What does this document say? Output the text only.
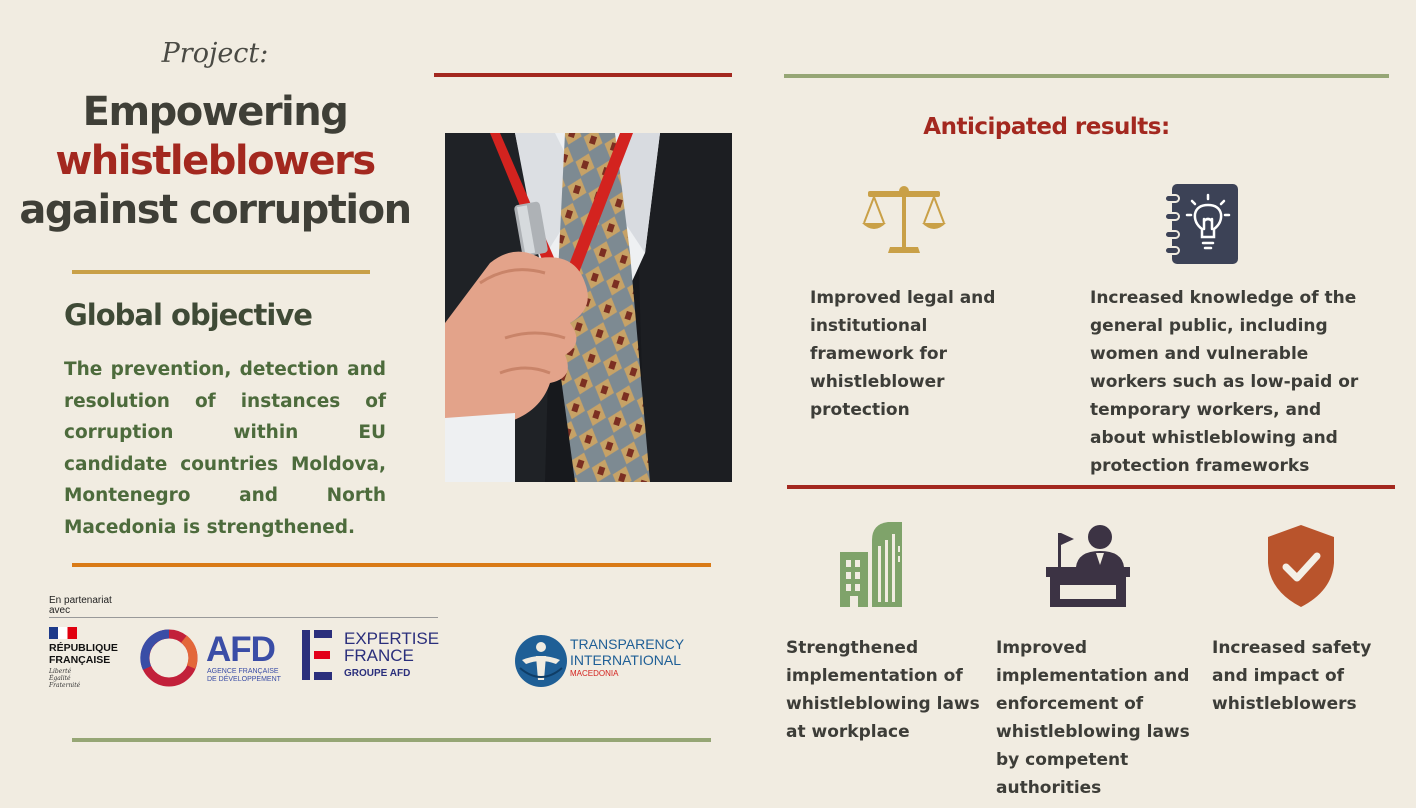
Project:
Empowering
whistleblowers
against corruption
Global objective
The prevention, detection and resolution of instances of corruption within EU candidate countries Moldova, Montenegro and North Macedonia is strengthened.
Anticipated results:
Improved legal and institutional framework for whistleblower protection
Increased knowledge of the general public, including women and vulnerable workers such as low-paid or temporary workers, and about whistleblowing and protection frameworks
Strengthened implementation of whistleblowing laws at workplace
Improved implementation and enforcement of whistleblowing laws by competent authorities
Increased safety and impact of whistleblowers
En partenariat avec
RÉPUBLIQUE
FRANÇAISE
Liberté
Égalité
Fraternité
AFD
AGENCE FRANÇAISE
DE DÉVELOPPEMENT
EXPERTISE
FRANCE
GROUPE AFD
TRANSPARENCY
INTERNATIONAL
MACEDONIA
